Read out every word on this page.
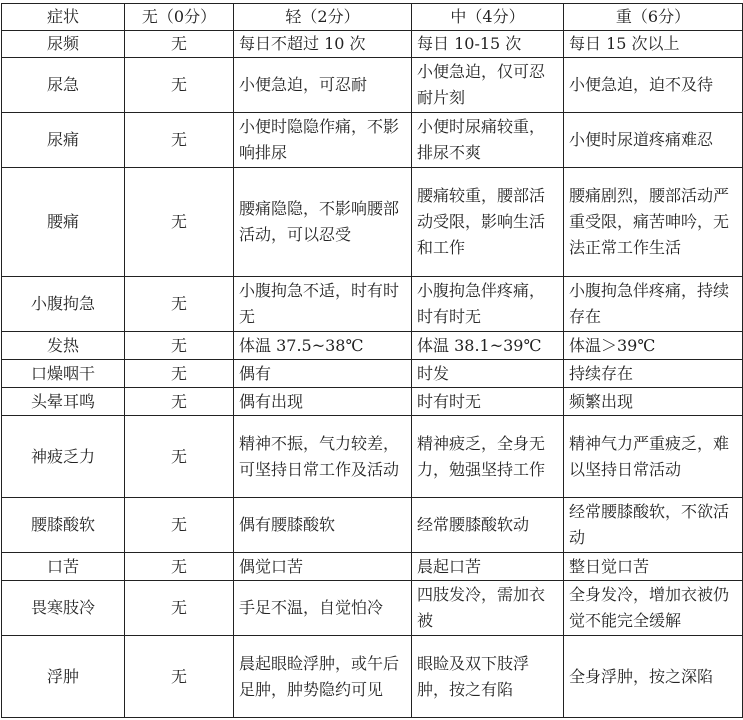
症状	无（0分）	轻（2分）	中（4分）	重（6分）
尿频	无	每日不超过 10 次	每日 10-15 次	每日 15 次以上
尿急	无	小便急迫，可忍耐	小便急迫，仅可忍耐片刻	小便急迫，迫不及待
尿痛	无	小便时隐隐作痛，不影响排尿	小便时尿痛较重，排尿不爽	小便时尿道疼痛难忍
腰痛	无	腰痛隐隐，不影响腰部活动，可以忍受	腰痛较重，腰部活动受限，影响生活和工作	腰痛剧烈，腰部活动严重受限，痛苦呻吟，无法正常工作生活
小腹拘急	无	小腹拘急不适，时有时无	小腹拘急伴疼痛，时有时无	小腹拘急伴疼痛，持续存在
发热	无	体温 37.5~38℃	体温 38.1~39℃	体温＞39℃
口燥咽干	无	偶有	时发	持续存在
头晕耳鸣	无	偶有出现	时有时无	频繁出现
神疲乏力	无	精神不振，气力较差，可坚持日常工作及活动	精神疲乏，全身无力，勉强坚持工作	精神气力严重疲乏，难以坚持日常活动
腰膝酸软	无	偶有腰膝酸软	经常腰膝酸软动	经常腰膝酸软，不欲活动
口苦	无	偶觉口苦	晨起口苦	整日觉口苦
畏寒肢冷	无	手足不温，自觉怕冷	四肢发冷，需加衣被	全身发冷，增加衣被仍觉不能完全缓解
浮肿	无	晨起眼睑浮肿，或午后足肿，肿势隐约可见	眼睑及双下肢浮肿，按之有陷	全身浮肿，按之深陷
